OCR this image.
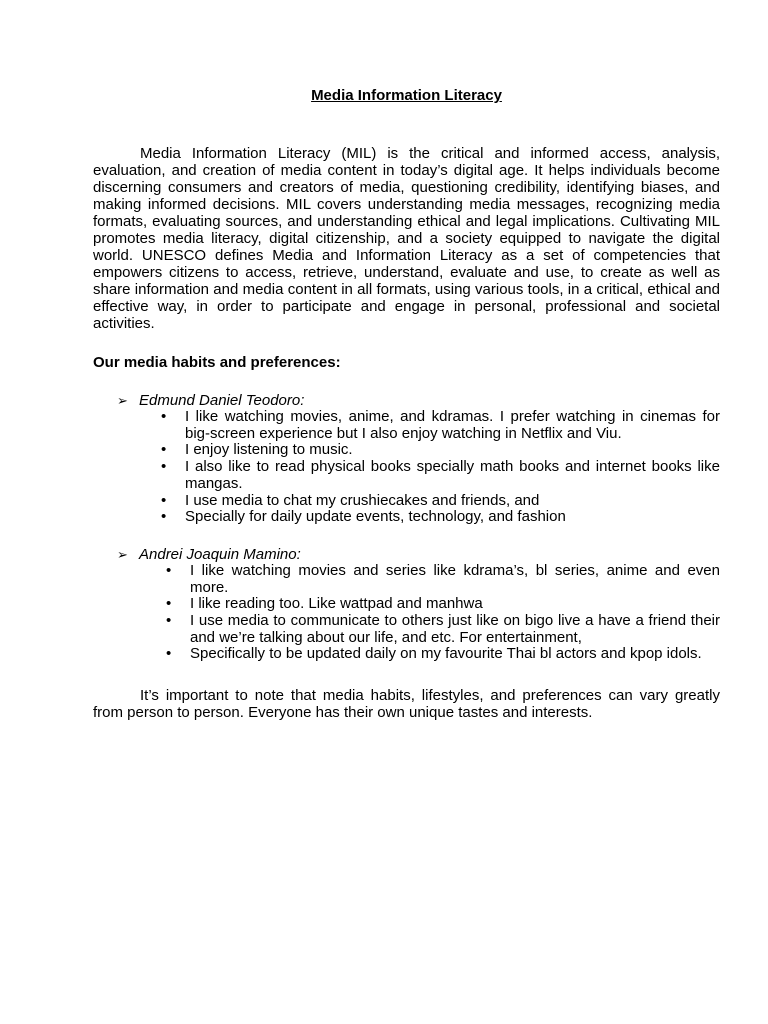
Media Information Literacy

Media Information Literacy (MIL) is the critical and informed access, analysis, evaluation, and creation of media content in today’s digital age. It helps individuals become discerning consumers and creators of media, questioning credibility, identifying biases, and making informed decisions. MIL covers understanding media messages, recognizing media formats, evaluating sources, and understanding ethical and legal implications. Cultivating MIL promotes media literacy, digital citizenship, and a society equipped to navigate the digital world. UNESCO defines Media and Information Literacy as a set of competencies that empowers citizens to access, retrieve, understand, evaluate and use, to create as well as share information and media content in all formats, using various tools, in a critical, ethical and effective way, in order to participate and engage in personal, professional and societal activities.

Our media habits and preferences:

➢ Edmund Daniel Teodoro:
• I like watching movies, anime, and kdramas. I prefer watching in cinemas for big-screen experience but I also enjoy watching in Netflix and Viu.
• I enjoy listening to music.
• I also like to read physical books specially math books and internet books like mangas.
• I use media to chat my crushiecakes and friends, and
• Specially for daily update events, technology, and fashion
➢ Andrei Joaquin Mamino:
• I like watching movies and series like kdrama’s, bl series, anime and even more.
• I like reading too. Like wattpad and manhwa
• I use media to communicate to others just like on bigo live a have a friend their and we’re talking about our life, and etc. For entertainment,
• Specifically to be updated daily on my favourite Thai bl actors and kpop idols.

It’s important to note that media habits, lifestyles, and preferences can vary greatly from person to person. Everyone has their own unique tastes and interests.
